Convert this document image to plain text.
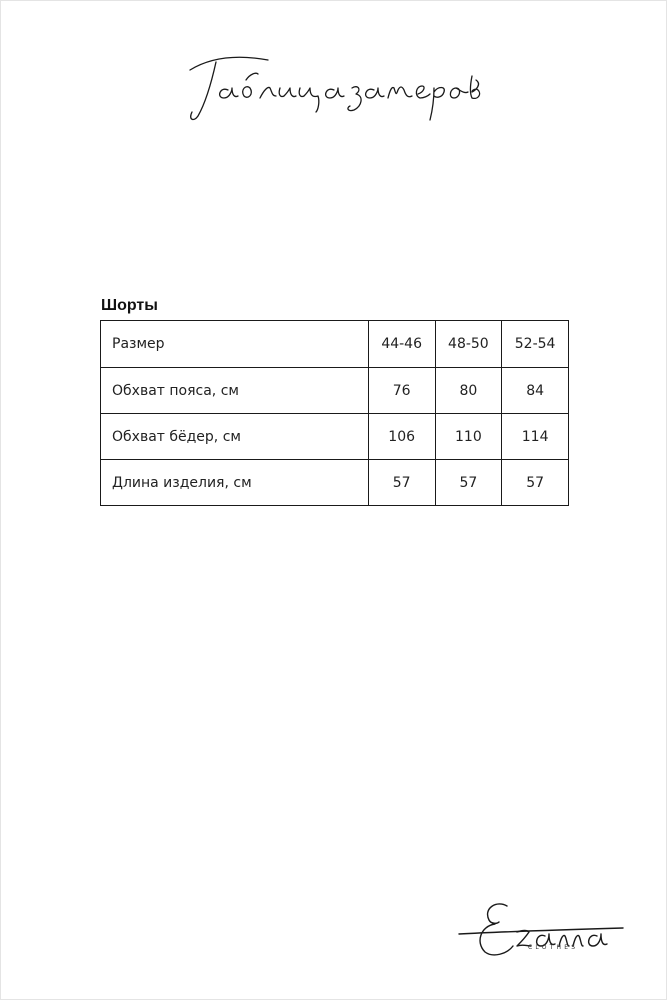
Шорты
Размер	44-46	48-50	52-54
Обхват пояса, см	76	80	84
Обхват бёдер, см	106	110	114
Длина изделия, см	57	57	57
CLOTHES
